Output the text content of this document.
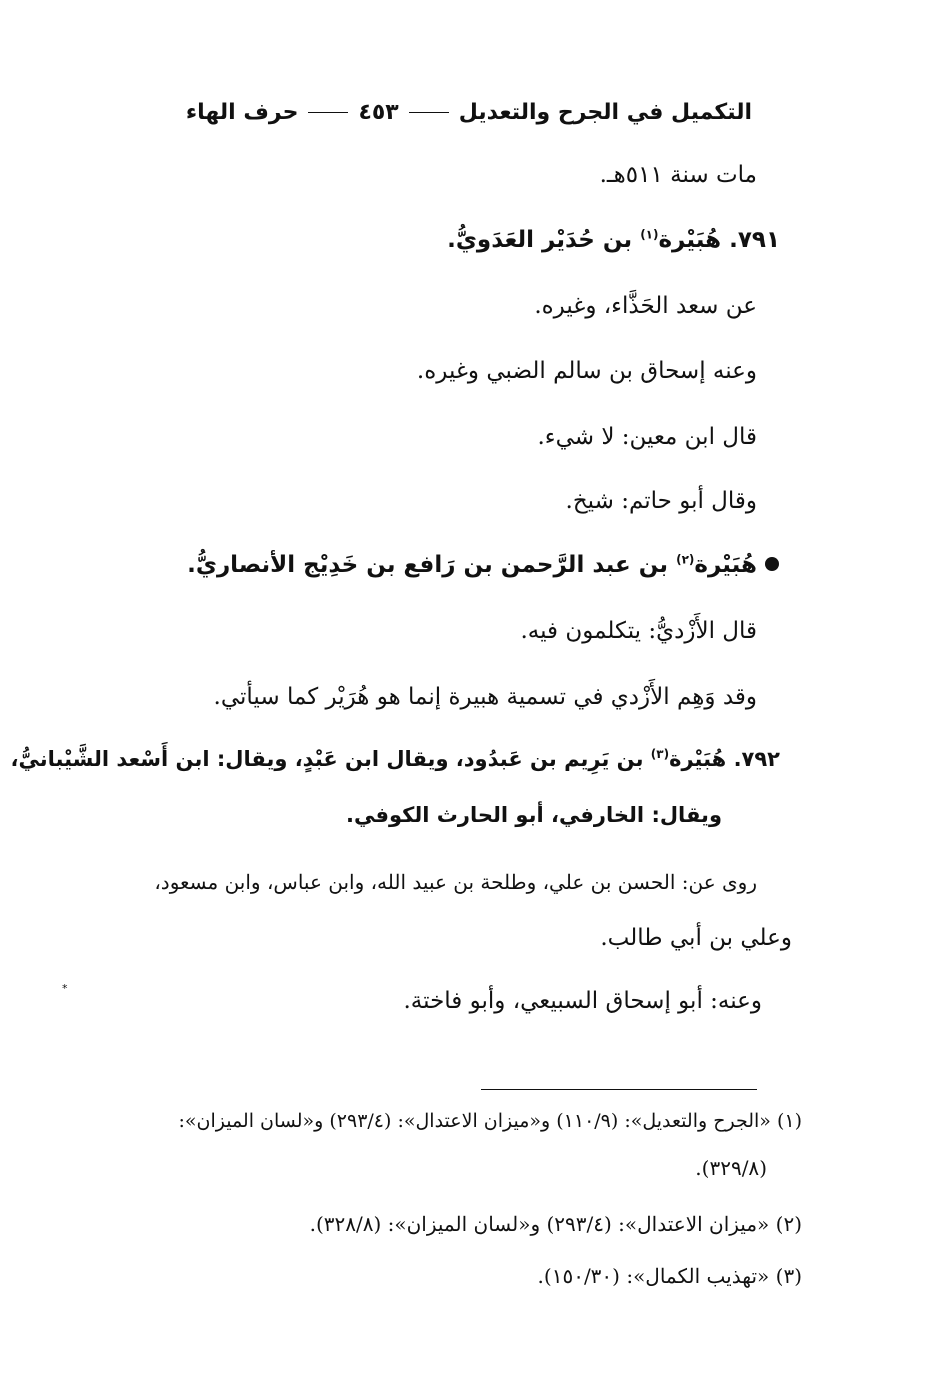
التكميل في الجرح والتعديل
٤٥٣
حرف الهاء
مات سنة ٥١١هـ.
٧٩١. هُبَيْرة$^{(١)}$ بن حُدَيْر العَدَويُّ.
عن سعد الحَذَّاء، وغيره.
وعنه إسحاق بن سالم الضبي وغيره.
قال ابن معين: لا شيء.
وقال أبو حاتم: شيخ.
هُبَيْرة$^{(٢)}$ بن عبد الرَّحمن بن رَافع بن خَدِيْج الأنصاريُّ.
قال الأَزْديُّ: يتكلمون فيه.
وقد وَهِم الأَزْدي في تسمية هبيرة إنما هو هُرَيْر كما سيأتي.
٧٩٢. هُبَيْرة$^{(٣)}$ بن يَرِيم بن عَبدُود، ويقال ابن عَبْدٍ، ويقال: ابن أَسْعد الشَّيْبانيُّ،
ويقال: الخارفي، أبو الحارث الكوفي.
روى عن: الحسن بن علي، وطلحة بن عبيد الله، وابن عباس، وابن مسعود،
وعلي بن أبي طالب.
وعنه: أبو إسحاق السبيعي، وأبو فاختة.
*
(١) «الجرح والتعديل»: (١١٠/٩) و«ميزان الاعتدال»: (٢٩٣/٤) و«لسان الميزان»:
(٣٢٩/٨).
(٢) «ميزان الاعتدال»: (٢٩٣/٤) و«لسان الميزان»: (٣٢٨/٨).
(٣) «تهذيب الكمال»: (١٥٠/٣٠).
